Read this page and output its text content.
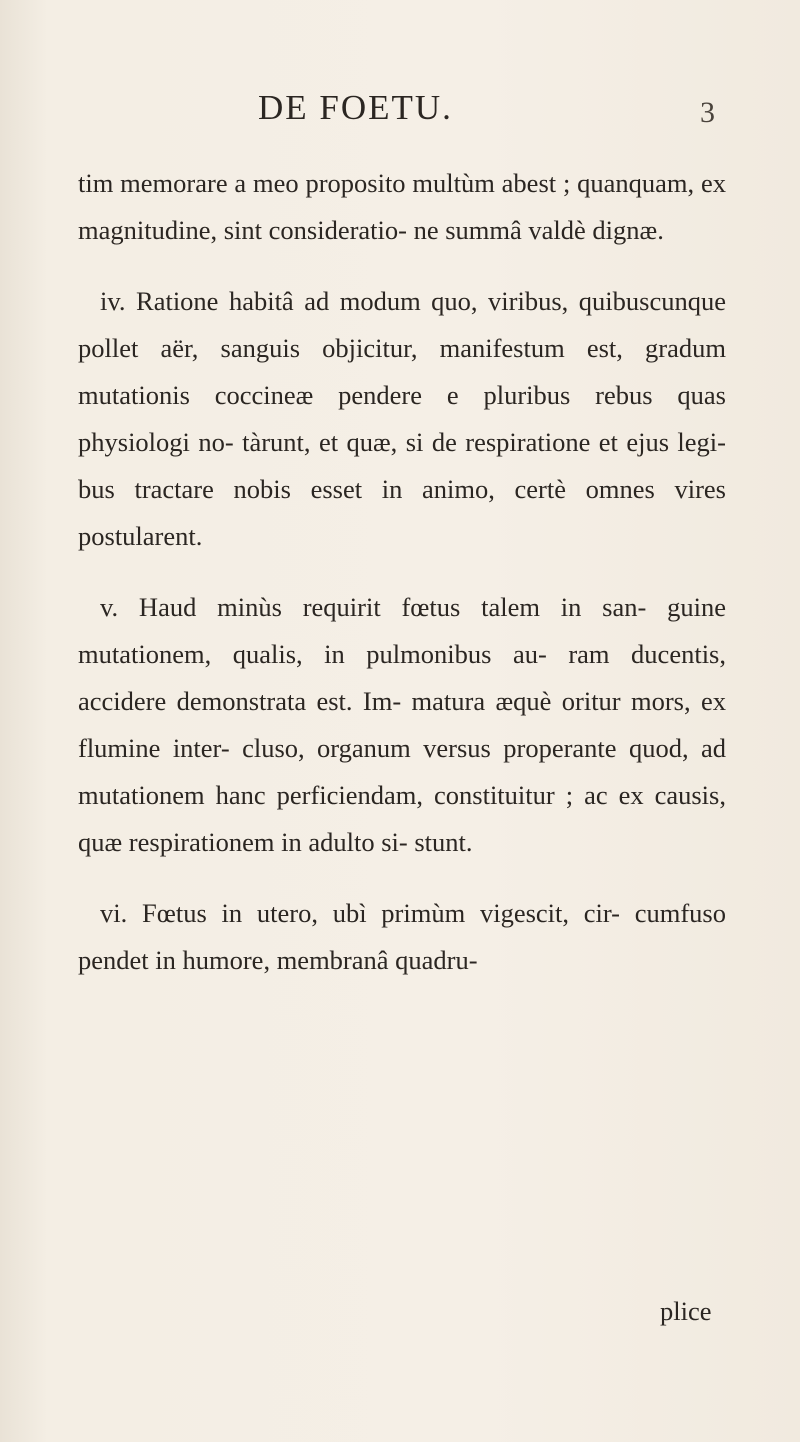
DE FOETU.	3

tim memorare a meo proposito multùm abest ; quanquam, ex magnitudine, sint consideratio- ne summâ valdè dignæ.

iv. Ratione habitâ ad modum quo, viribus, quibuscunque pollet aër, sanguis objicitur, manifestum est, gradum mutationis coccineæ pendere e pluribus rebus quas physiologi no- tàrunt, et quæ, si de respiratione et ejus legi- bus tractare nobis esset in animo, certè omnes vires postularent.

v. Haud minùs requirit fœtus talem in san- guine mutationem, qualis, in pulmonibus au- ram ducentis, accidere demonstrata est. Im- matura æquè oritur mors, ex flumine inter- cluso, organum versus properante quod, ad mutationem hanc perficiendam, constituitur ; ac ex causis, quæ respirationem in adulto si- stunt.

vi. Fœtus in utero, ubì primùm vigescit, cir- cumfuso pendet in humore, membranâ quadru-

plice
